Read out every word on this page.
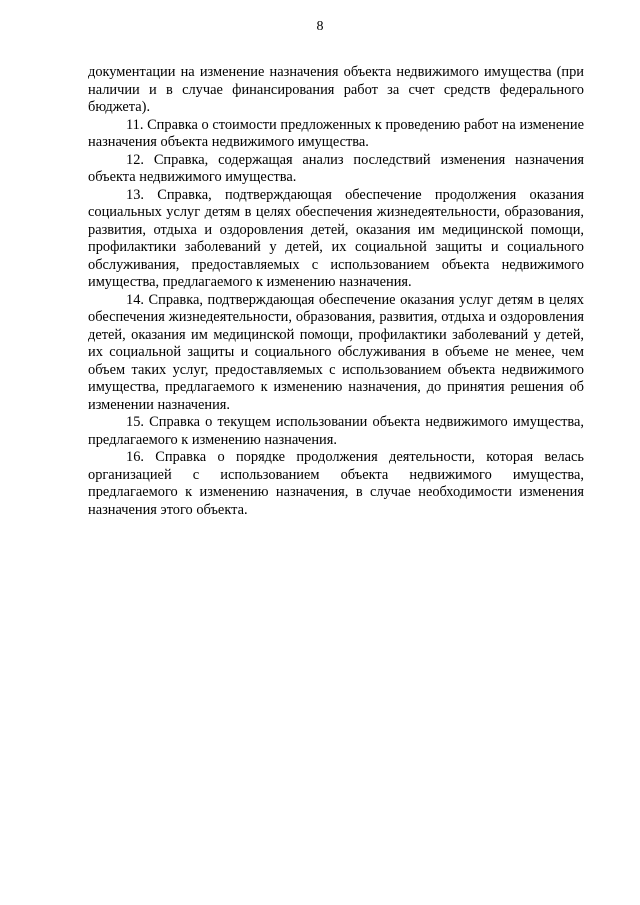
8

документации на изменение назначения объекта недвижимого имущества (при наличии и в случае финансирования работ за счет средств федерального бюджета).

11. Справка о стоимости предложенных к проведению работ на изменение назначения объекта недвижимого имущества.

12. Справка, содержащая анализ последствий изменения назначения объекта недвижимого имущества.

13. Справка, подтверждающая обеспечение продолжения оказания социальных услуг детям в целях обеспечения жизнедеятельности, образования, развития, отдыха и оздоровления детей, оказания им медицинской помощи, профилактики заболеваний у детей, их социальной защиты и социального обслуживания, предоставляемых с использованием объекта недвижимого имущества, предлагаемого к изменению назначения.

14. Справка, подтверждающая обеспечение оказания услуг детям в целях обеспечения жизнедеятельности, образования, развития, отдыха и оздоровления детей, оказания им медицинской помощи, профилактики заболеваний у детей, их социальной защиты и социального обслуживания в объеме не менее, чем объем таких услуг, предоставляемых с использованием объекта недвижимого имущества, предлагаемого к изменению назначения, до принятия решения об изменении назначения.

15. Справка о текущем использовании объекта недвижимого имущества, предлагаемого к изменению назначения.

16. Справка о порядке продолжения деятельности, которая велась организацией с использованием объекта недвижимого имущества, предлагаемого к изменению назначения, в случае необходимости изменения назначения этого объекта.
